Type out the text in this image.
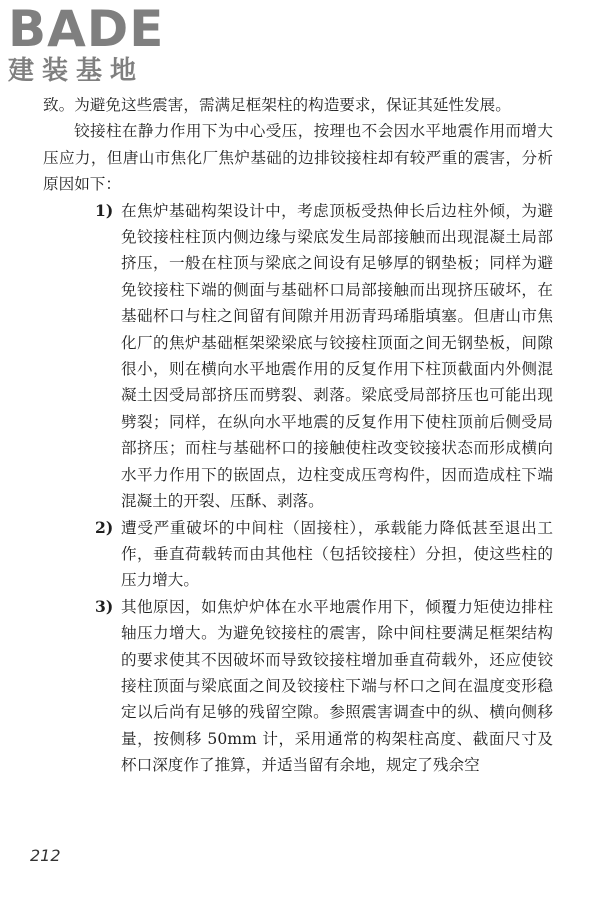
BADE
建装基地

致。为避免这些震害，需满足框架柱的构造要求，保证其延性发展。

铰接柱在静力作用下为中心受压，按理也不会因水平地震作用而增大压应力，但唐山市焦化厂焦炉基础的边排铰接柱却有较严重的震害，分析原因如下：

1) 在焦炉基础构架设计中，考虑顶板受热伸长后边柱外倾，为避免铰接柱柱顶内侧边缘与梁底发生局部接触而出现混凝土局部挤压，一般在柱顶与梁底之间设有足够厚的钢垫板；同样为避免铰接柱下端的侧面与基础杯口局部接触而出现挤压破坏，在基础杯口与柱之间留有间隙并用沥青玛琋脂填塞。但唐山市焦化厂的焦炉基础框架梁梁底与铰接柱顶面之间无钢垫板，间隙很小，则在横向水平地震作用的反复作用下柱顶截面内外侧混凝土因受局部挤压而劈裂、剥落。梁底受局部挤压也可能出现劈裂；同样，在纵向水平地震的反复作用下使柱顶前后侧受局部挤压；而柱与基础杯口的接触使柱改变铰接状态而形成横向水平力作用下的嵌固点，边柱变成压弯构件，因而造成柱下端混凝土的开裂、压酥、剥落。
2) 遭受严重破坏的中间柱（固接柱），承载能力降低甚至退出工作，垂直荷载转而由其他柱（包括铰接柱）分担，使这些柱的压力增大。
3) 其他原因，如焦炉炉体在水平地震作用下，倾覆力矩使边排柱轴压力增大。为避免铰接柱的震害，除中间柱要满足框架结构的要求使其不因破坏而导致铰接柱增加垂直荷载外，还应使铰接柱顶面与梁底面之间及铰接柱下端与杯口之间在温度变形稳定以后尚有足够的残留空隙。参照震害调查中的纵、横向侧移量，按侧移 50mm 计，采用通常的构架柱高度、截面尺寸及杯口深度作了推算，并适当留有余地，规定了残余空
212
